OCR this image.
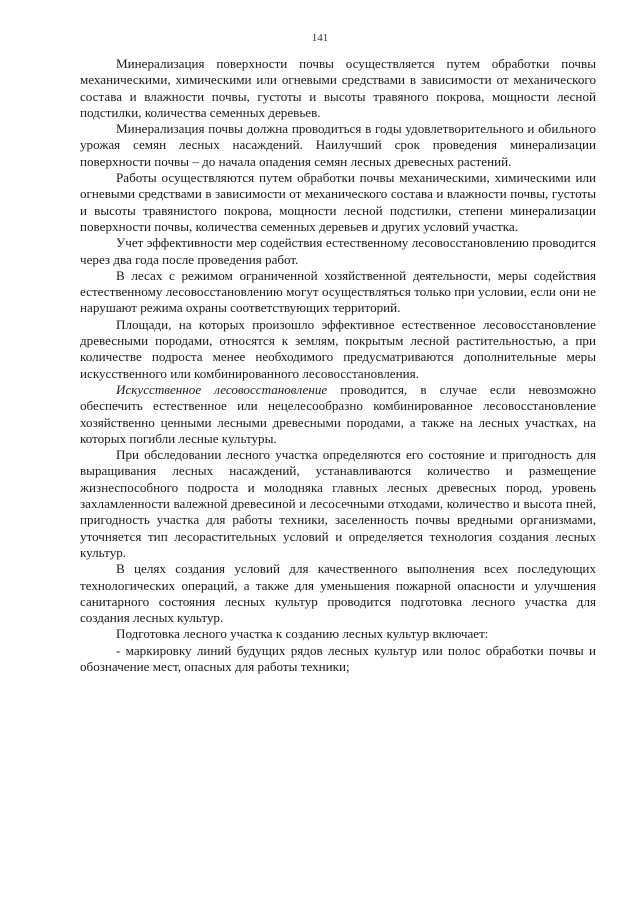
141

Минерализация поверхности почвы осуществляется путем обработки почвы механическими, химическими или огневыми средствами в зависимости от механического состава и влажности почвы, густоты и высоты травяного покрова, мощности лесной подстилки, количества семенных деревьев.

Минерализация почвы должна проводиться в годы удовлетворительного и обильного урожая семян лесных насаждений. Наилучший срок проведения минерализации поверхности почвы – до начала опадения семян лесных древесных растений.

Работы осуществляются путем обработки почвы механическими, химическими или огневыми средствами в зависимости от механического состава и влажности почвы, густоты и высоты травянистого покрова, мощности лесной подстилки, степени минерализации поверхности почвы, количества семенных деревьев и других условий участка.

Учет эффективности мер содействия естественному лесовосстановлению проводится через два года после проведения работ.

В лесах с режимом ограниченной хозяйственной деятельности, меры содействия естественному лесовосстановлению могут осуществляться только при условии, если они не нарушают режима охраны соответствующих территорий.

Площади, на которых произошло эффективное естественное лесовосстановление древесными породами, относятся к землям, покрытым лесной растительностью, а при количестве подроста менее необходимого предусматриваются дополнительные меры искусственного или комбинированного лесовосстановления.

Искусственное лесовосстановление проводится, в случае если невозможно обеспечить естественное или нецелесообразно комбинированное лесовосстановление хозяйственно ценными лесными древесными породами, а также на лесных участках, на которых погибли лесные культуры.

При обследовании лесного участка определяются его состояние и пригодность для выращивания лесных насаждений, устанавливаются количество и размещение жизнеспособного подроста и молодняка главных лесных древесных пород, уровень захламленности валежной древесиной и лесосечными отходами, количество и высота пней, пригодность участка для работы техники, заселенность почвы вредными организмами, уточняется тип лесорастительных условий и определяется технология создания лесных культур.

В целях создания условий для качественного выполнения всех последующих технологических операций, а также для уменьшения пожарной опасности и улучшения санитарного состояния лесных культур проводится подготовка лесного участка для создания лесных культур.

Подготовка лесного участка к созданию лесных культур включает:

- маркировку линий будущих рядов лесных культур или полос обработки почвы и обозначение мест, опасных для работы техники;
